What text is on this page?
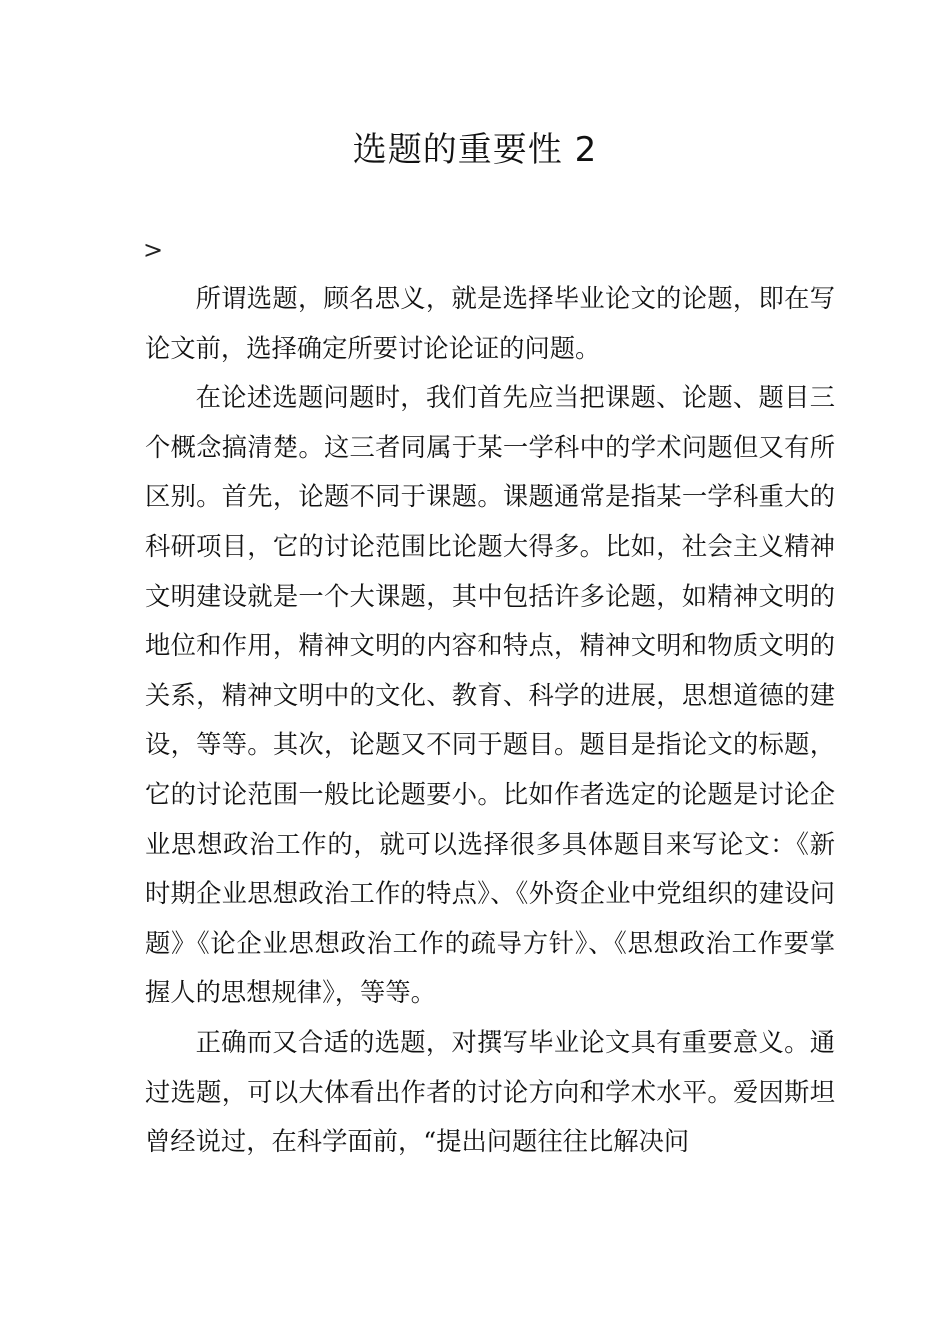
选题的重要性 2
>

所谓选题，顾名思义，就是选择毕业论文的论题，即在写论文前，选择确定所要讨论论证的问题。

在论述选题问题时，我们首先应当把课题、论题、题目三个概念搞清楚。这三者同属于某一学科中的学术问题但又有所区别。首先，论题不同于课题。课题通常是指某一学科重大的科研项目，它的讨论范围比论题大得多。比如，社会主义精神文明建设就是一个大课题，其中包括许多论题，如精神文明的地位和作用，精神文明的内容和特点，精神文明和物质文明的关系，精神文明中的文化、教育、科学的进展，思想道德的建设，等等。其次，论题又不同于题目。题目是指论文的标题，它的讨论范围一般比论题要小。比如作者选定的论题是讨论企业思想政治工作的，就可以选择很多具体题目来写论文：《新时期企业思想政治工作的特点》、《外资企业中党组织的建设问题》《论企业思想政治工作的疏导方针》、《思想政治工作要掌握人的思想规律》，等等。

正确而又合适的选题，对撰写毕业论文具有重要意义。通过选题，可以大体看出作者的讨论方向和学术水平。爱因斯坦曾经说过，在科学面前，“提出问题往往比解决问
